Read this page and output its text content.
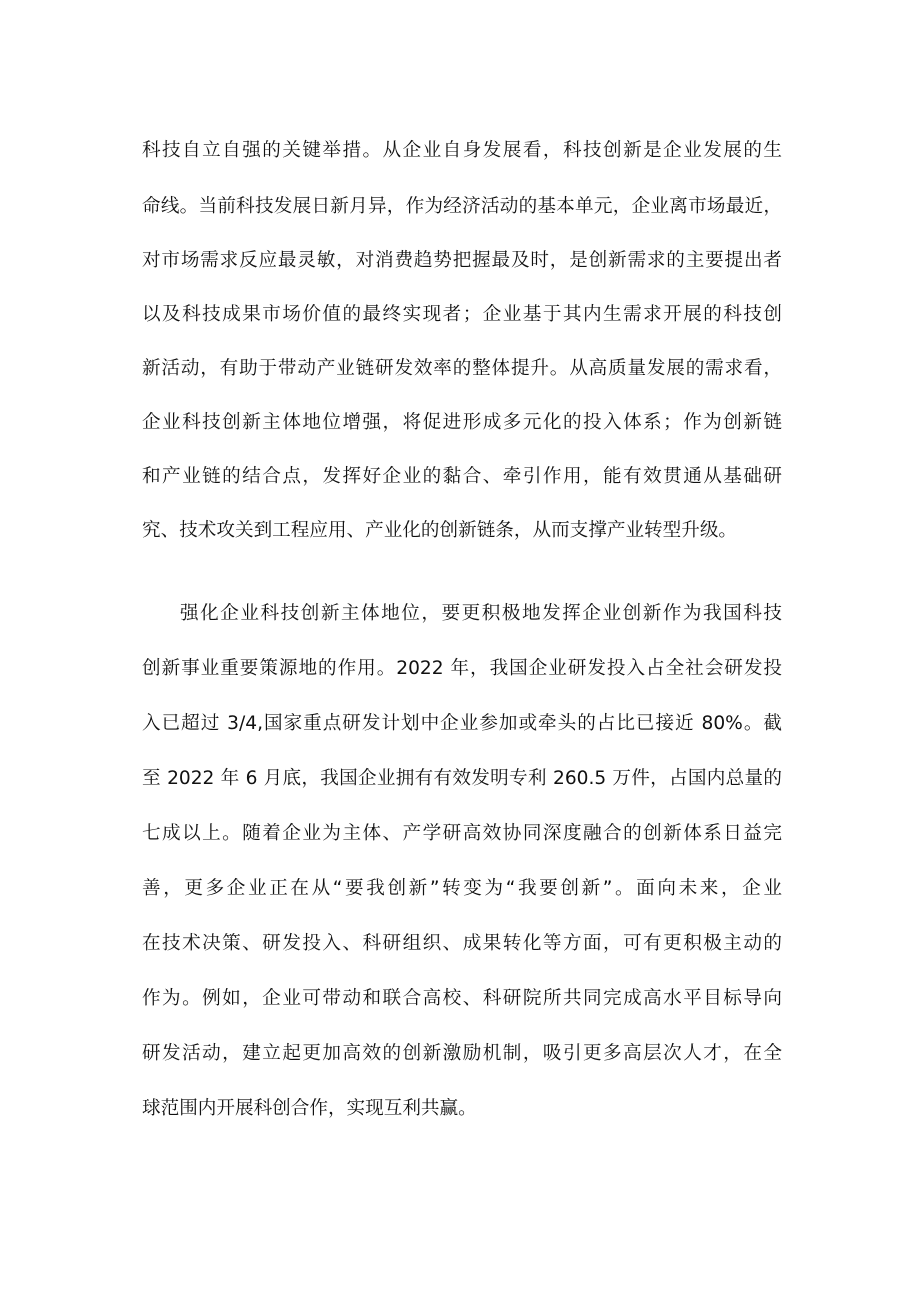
科技自立自强的关键举措。从企业自身发展看，科技创新是企业发展的生
命线。当前科技发展日新月异，作为经济活动的基本单元，企业离市场最近，
对市场需求反应最灵敏，对消费趋势把握最及时，是创新需求的主要提出者
以及科技成果市场价值的最终实现者；企业基于其内生需求开展的科技创
新活动，有助于带动产业链研发效率的整体提升。从高质量发展的需求看，
企业科技创新主体地位增强，将促进形成多元化的投入体系；作为创新链
和产业链的结合点，发挥好企业的黏合、牵引作用，能有效贯通从基础研
究、技术攻关到工程应用、产业化的创新链条，从而支撑产业转型升级。
强化企业科技创新主体地位，要更积极地发挥企业创新作为我国科技
创新事业重要策源地的作用。2022 年，我国企业研发投入占全社会研发投
入已超过 3/4,国家重点研发计划中企业参加或牵头的占比已接近 80%。截
至 2022 年 6 月底，我国企业拥有有效发明专利 260.5 万件，占国内总量的
七成以上。随着企业为主体、产学研高效协同深度融合的创新体系日益完
善，更多企业正在从“要我创新”转变为“我要创新”。面向未来，企业
在技术决策、研发投入、科研组织、成果转化等方面，可有更积极主动的
作为。例如，企业可带动和联合高校、科研院所共同完成高水平目标导向
研发活动，建立起更加高效的创新激励机制，吸引更多高层次人才，在全
球范围内开展科创合作，实现互利共赢。
